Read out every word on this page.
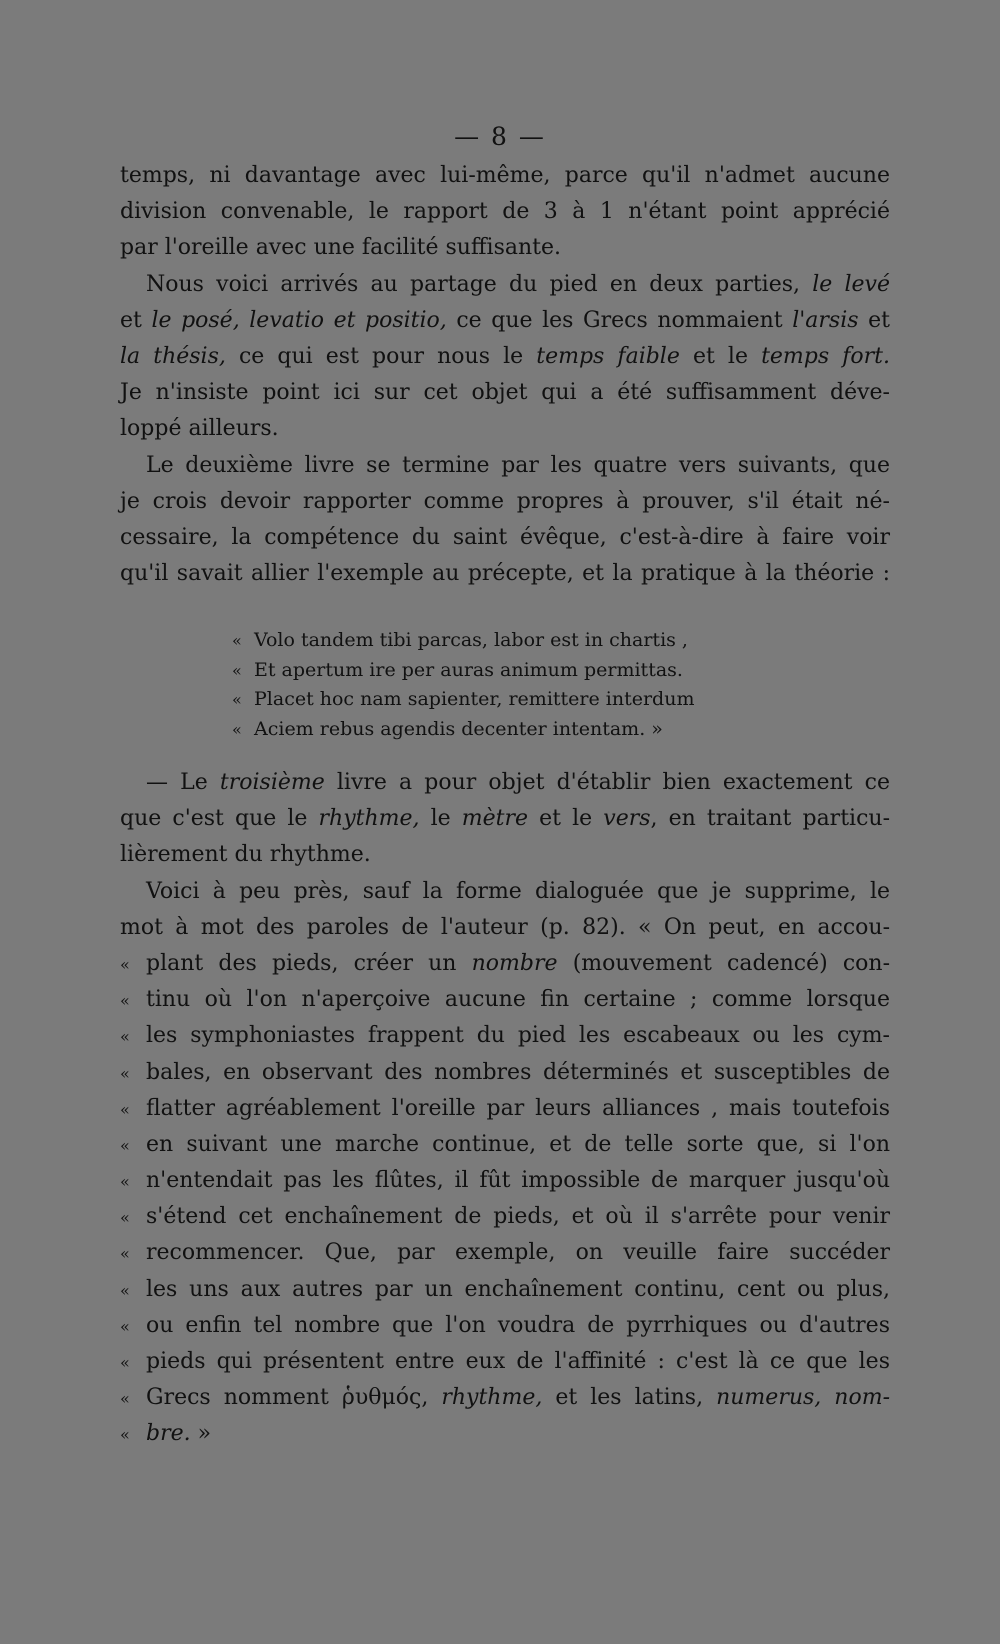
— 8 —
temps, ni davantage avec lui-même, parce qu'il n'admet aucune
division convenable, le rapport de 3 à 1 n'étant point apprécié
par l'oreille avec une facilité suffisante.
Nous voici arrivés au partage du pied en deux parties, le levé
et le posé, levatio et positio, ce que les Grecs nommaient l'arsis et
la thésis, ce qui est pour nous le temps faible et le temps fort.
Je n'insiste point ici sur cet objet qui a été suffisamment déve-
loppé ailleurs.
Le deuxième livre se termine par les quatre vers suivants, que
je crois devoir rapporter comme propres à prouver, s'il était né-
cessaire, la compétence du saint évêque, c'est-à-dire à faire voir
qu'il savait allier l'exemple au précepte, et la pratique à la théorie :
« Volo tandem tibi parcas, labor est in chartis ,
« Et apertum ire per auras animum permittas.
« Placet hoc nam sapienter, remittere interdum
« Aciem rebus agendis decenter intentam. »
— Le troisième livre a pour objet d'établir bien exactement ce
que c'est que le rhythme, le mètre et le vers, en traitant particu-
lièrement du rhythme.
Voici à peu près, sauf la forme dialoguée que je supprime, le
mot à mot des paroles de l'auteur (p. 82). « On peut, en accou-
« plant des pieds, créer un nombre (mouvement cadencé) con-
« tinu où l'on n'aperçoive aucune fin certaine ; comme lorsque
« les symphoniastes frappent du pied les escabeaux ou les cym-
« bales, en observant des nombres déterminés et susceptibles de
« flatter agréablement l'oreille par leurs alliances , mais toutefois
« en suivant une marche continue, et de telle sorte que, si l'on
« n'entendait pas les flûtes, il fût impossible de marquer jusqu'où
« s'étend cet enchaînement de pieds, et où il s'arrête pour venir
« recommencer. Que, par exemple, on veuille faire succéder
« les uns aux autres par un enchaînement continu, cent ou plus,
« ou enfin tel nombre que l'on voudra de pyrrhiques ou d'autres
« pieds qui présentent entre eux de l'affinité : c'est là ce que les
« Grecs nomment ῥυθμός, rhythme, et les latins, numerus, nom-
« bre. »
